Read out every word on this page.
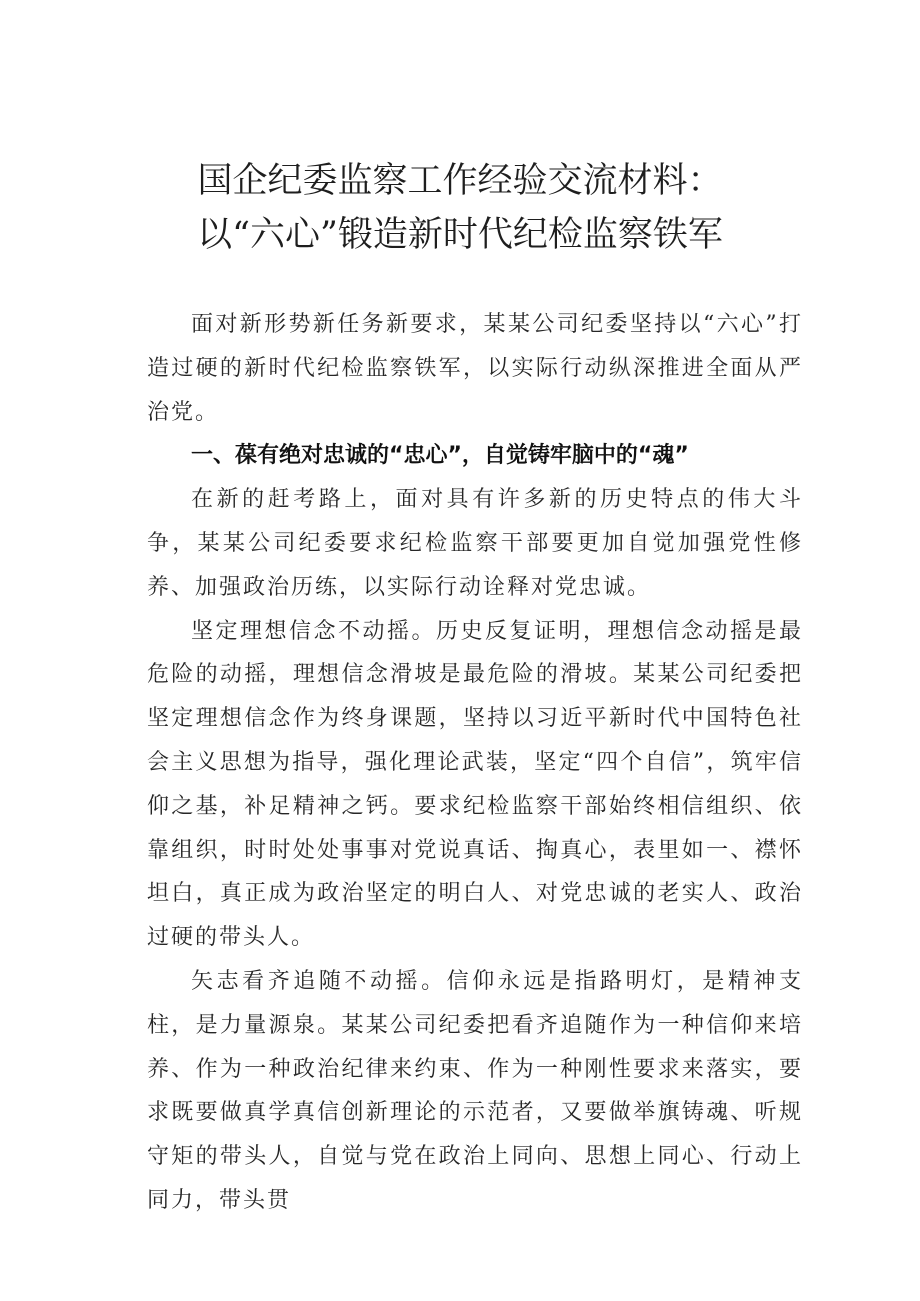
国企纪委监察工作经验交流材料：
以“六心”锻造新时代纪检监察铁军

面对新形势新任务新要求，某某公司纪委坚持以“六心”打造过硬的新时代纪检监察铁军，以实际行动纵深推进全面从严治党。

一、葆有绝对忠诚的“忠心”，自觉铸牢脑中的“魂”

在新的赶考路上，面对具有许多新的历史特点的伟大斗争，某某公司纪委要求纪检监察干部要更加自觉加强党性修养、加强政治历练，以实际行动诠释对党忠诚。

坚定理想信念不动摇。历史反复证明，理想信念动摇是最危险的动摇，理想信念滑坡是最危险的滑坡。某某公司纪委把坚定理想信念作为终身课题，坚持以习近平新时代中国特色社会主义思想为指导，强化理论武装，坚定“四个自信”，筑牢信仰之基，补足精神之钙。要求纪检监察干部始终相信组织、依靠组织，时时处处事事对党说真话、掏真心，表里如一、襟怀坦白，真正成为政治坚定的明白人、对党忠诚的老实人、政治过硬的带头人。

矢志看齐追随不动摇。信仰永远是指路明灯，是精神支柱，是力量源泉。某某公司纪委把看齐追随作为一种信仰来培养、作为一种政治纪律来约束、作为一种刚性要求来落实，要求既要做真学真信创新理论的示范者，又要做举旗铸魂、听规守矩的带头人，自觉与党在政治上同向、思想上同心、行动上同力，带头贯
